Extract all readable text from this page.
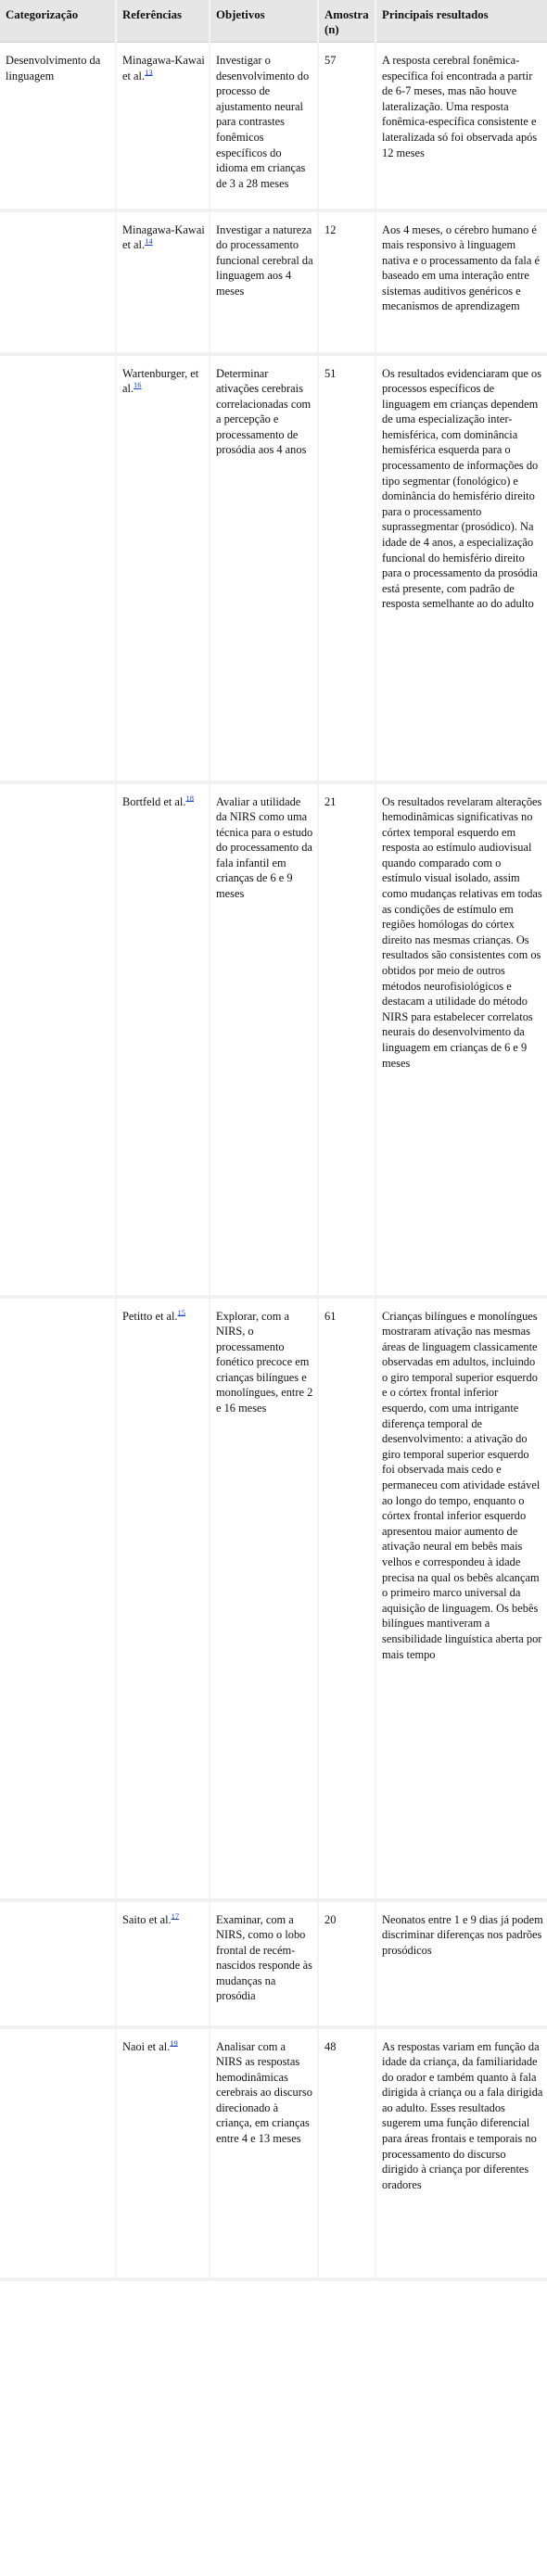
Categorização	Referências	Objetivos	Amostra (n)	Principais resultados
Desenvolvimento da linguagem	Minagawa-Kawai et al.$^{13}$	Investigar o desenvolvimento do processo de ajustamento neural para contrastes fonêmicos específicos do idioma em crianças de 3 a 28 meses	57	A resposta cerebral fonêmica-específica foi encontrada a partir de 6-7 meses, mas não houve lateralização. Uma resposta fonêmica-específica consistente e lateralizada só foi observada após 12 meses
	Minagawa-Kawai et al.$^{14}$	Investigar a natureza do processamento funcional cerebral da linguagem aos 4 meses	12	Aos 4 meses, o cérebro humano é mais responsivo à linguagem nativa e o processamento da fala é baseado em uma interação entre sistemas auditivos genéricos e mecanismos de aprendizagem
	Wartenburger, et al.$^{16}$	Determinar ativações cerebrais correlacionadas com a percepção e processamento de prosódia aos 4 anos	51	Os resultados evidenciaram que os processos específicos de linguagem em crianças dependem de uma especialização inter-hemisférica, com dominância hemisférica esquerda para o processamento de informações do tipo segmentar (fonológico) e dominância do hemisfério direito para o processamento suprassegmentar (prosódico). Na idade de 4 anos, a especialização funcional do hemisfério direito para o processamento da prosódia está presente, com padrão de resposta semelhante ao do adulto
	Bortfeld et al.$^{18}$	Avaliar a utilidade da NIRS como uma técnica para o estudo do processamento da fala infantil em crianças de 6 e 9 meses	21	Os resultados revelaram alterações hemodinâmicas significativas no córtex temporal esquerdo em resposta ao estímulo audiovisual quando comparado com o estímulo visual isolado, assim como mudanças relativas em todas as condições de estímulo em regiões homólogas do córtex direito nas mesmas crianças. Os resultados são consistentes com os obtidos por meio de outros métodos neurofisiológicos e destacam a utilidade do método NIRS para estabelecer correlatos neurais do desenvolvimento da linguagem em crianças de 6 e 9 meses
	Petitto et al.$^{15}$	Explorar, com a NIRS, o processamento fonético precoce em crianças bilíngues e monolíngues, entre 2 e 16 meses	61	Crianças bilíngues e monolíngues mostraram ativação nas mesmas áreas de linguagem classicamente observadas em adultos, incluindo o giro temporal superior esquerdo e o córtex frontal inferior esquerdo, com uma intrigante diferença temporal de desenvolvimento: a ativação do giro temporal superior esquerdo foi observada mais cedo e permaneceu com atividade estável ao longo do tempo, enquanto o córtex frontal inferior esquerdo apresentou maior aumento de ativação neural em bebês mais velhos e correspondeu à idade precisa na qual os bebês alcançam o primeiro marco universal da aquisição de linguagem. Os bebês bilíngues mantiveram a sensibilidade linguística aberta por mais tempo
	Saito et al.$^{17}$	Examinar, com a NIRS, como o lobo frontal de recém-nascidos responde às mudanças na prosódia	20	Neonatos entre 1 e 9 dias já podem discriminar diferenças nos padrões prosódicos
	Naoi et al.$^{19}$	Analisar com a NIRS as respostas hemodinâmicas cerebrais ao discurso direcionado à criança, em crianças entre 4 e 13 meses	48	As respostas variam em função da idade da criança, da familiaridade do orador e também quanto à fala dirigida à criança ou a fala dirigida ao adulto. Esses resultados sugerem uma função diferencial para áreas frontais e temporais no processamento do discurso dirigido à criança por diferentes oradores
